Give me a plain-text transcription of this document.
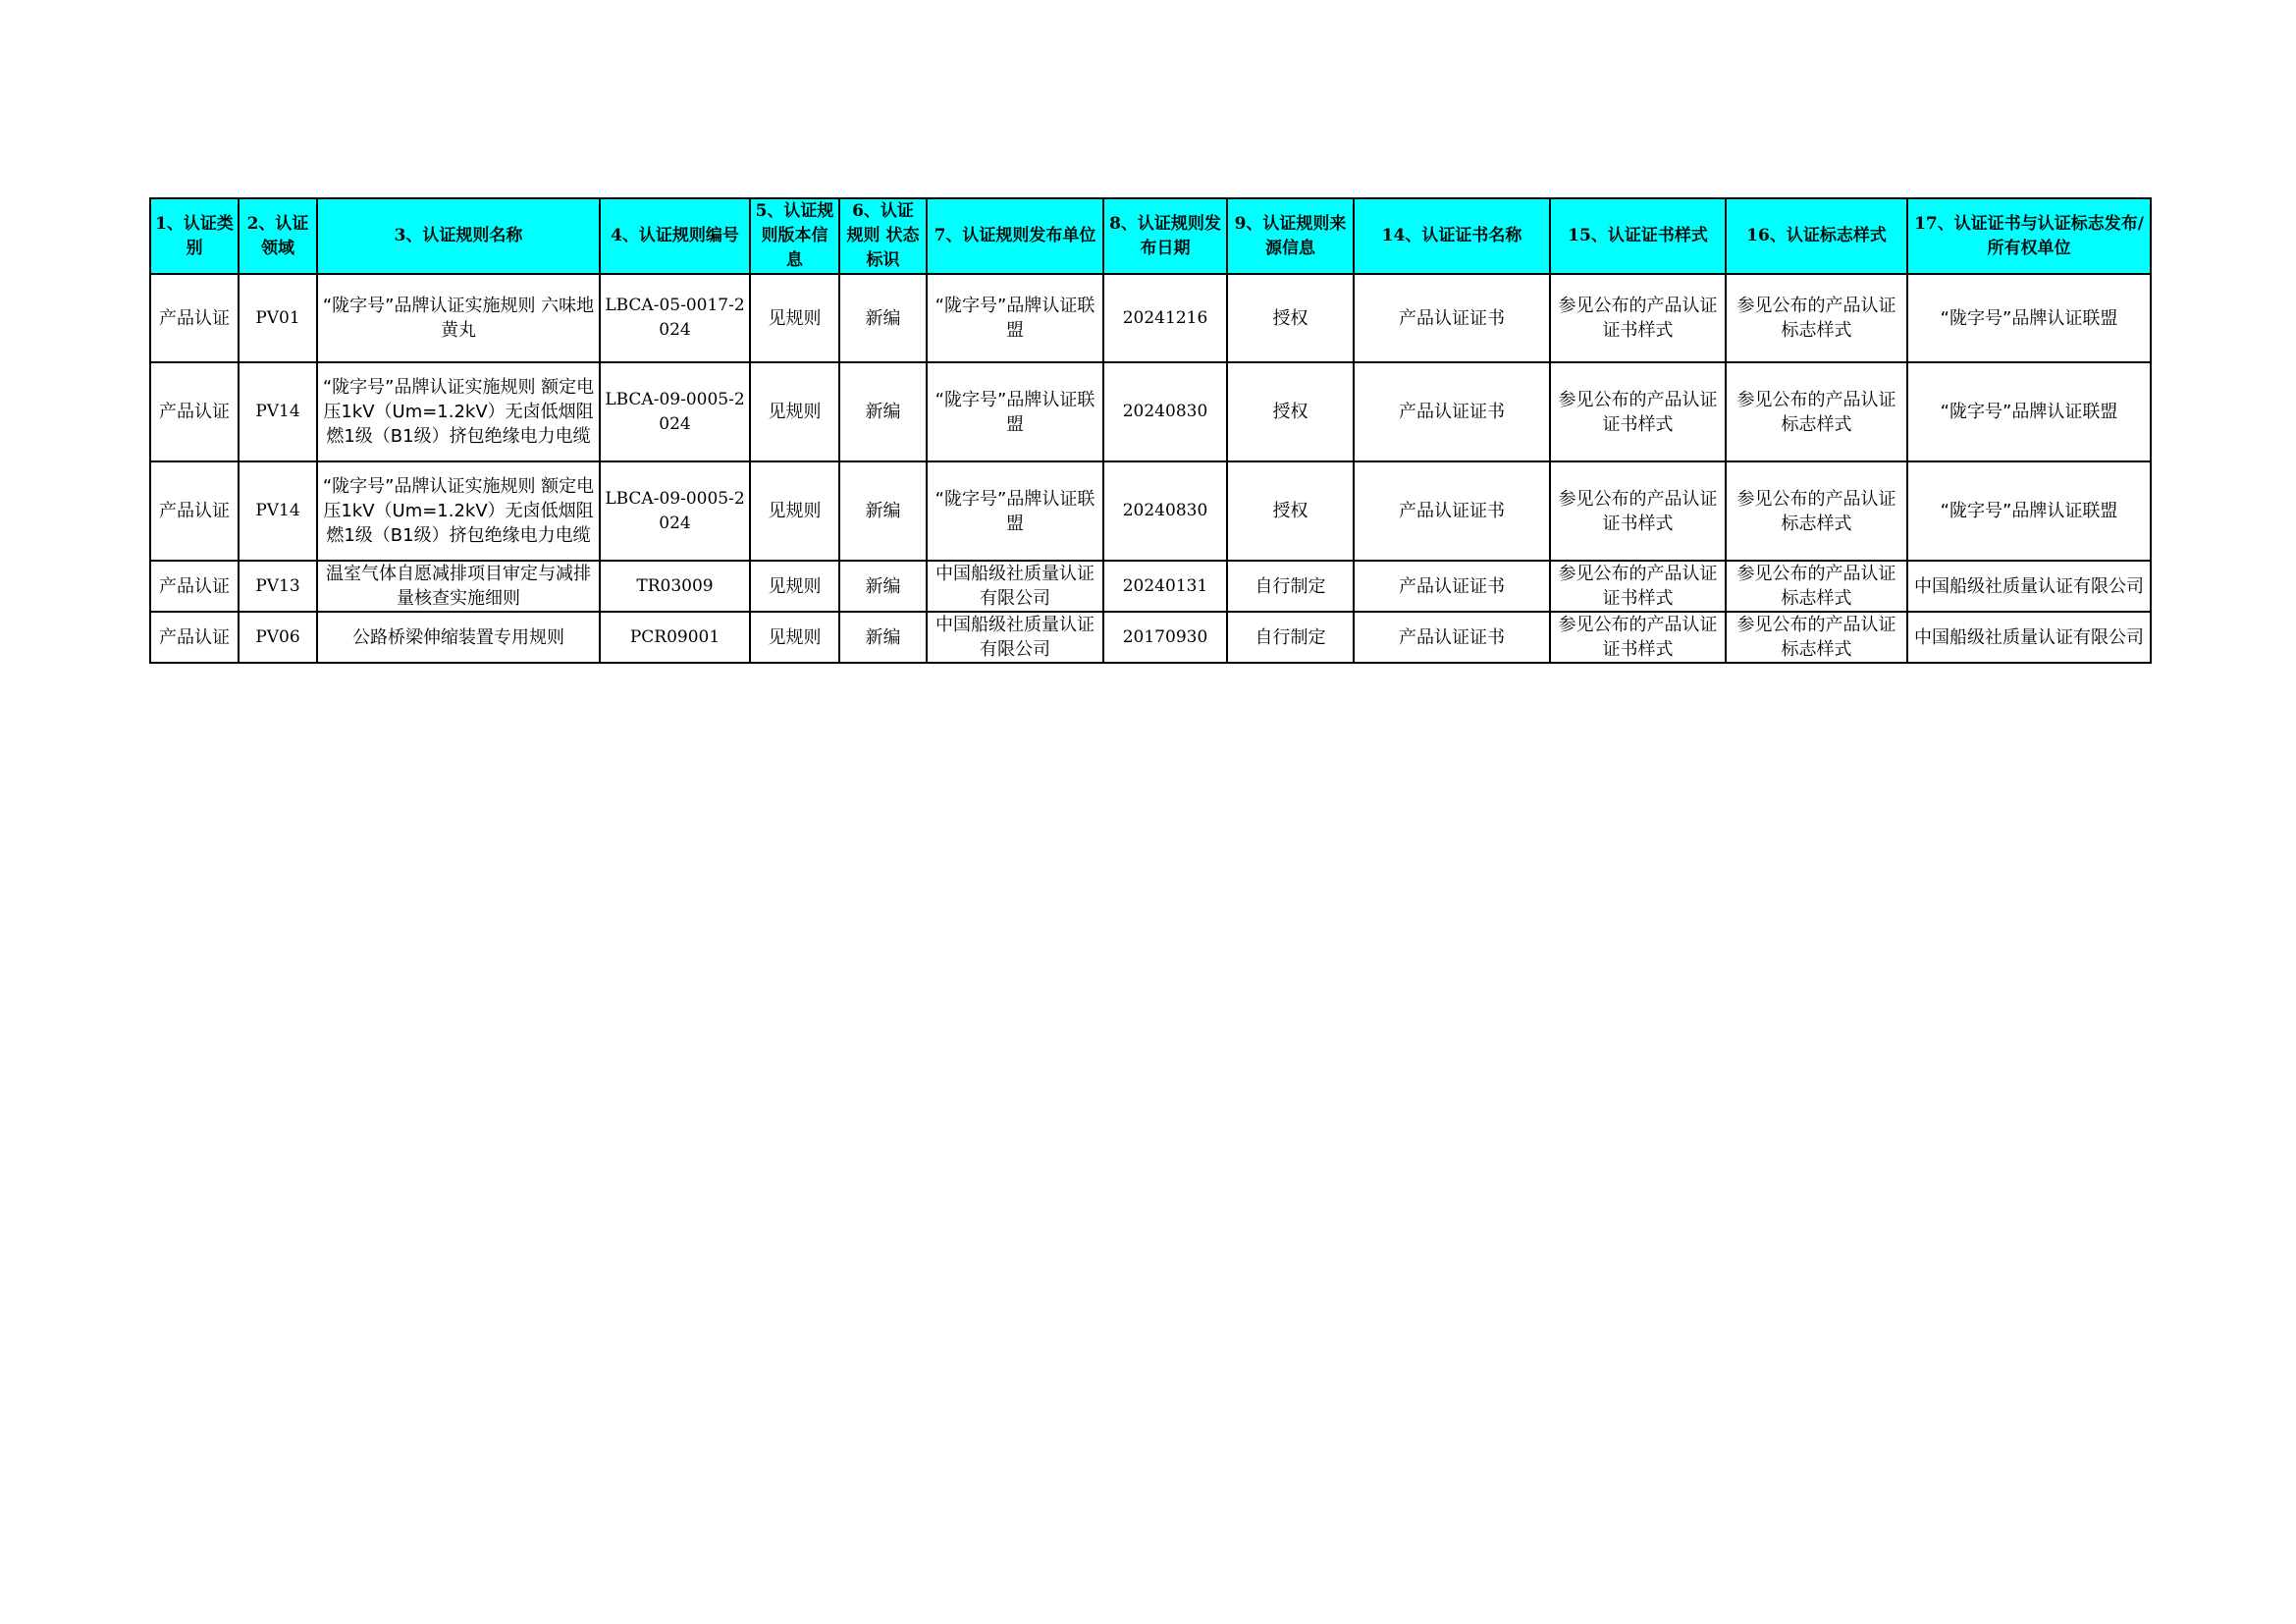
1、认证类别	2、认证领域	3、认证规则名称	4、认证规则编号	5、认证规则版本信息	6、认证规则 状态标识	7、认证规则发布单位	8、认证规则发布日期	9、认证规则来源信息	14、认证证书名称	15、认证证书样式	16、认证标志样式	17、认证证书与认证标志发布/所有权单位
产品认证	PV01	“陇字号”品牌认证实施规则 六味地黄丸	LBCA-05-0017-2024	见规则	新编	“陇字号”品牌认证联盟	20241216	授权	产品认证证书	参见公布的产品认证证书样式	参见公布的产品认证标志样式	“陇字号”品牌认证联盟
产品认证	PV14	“陇字号”品牌认证实施规则 额定电压1kV（Um=1.2kV）无卤低烟阻燃1级（B1级）挤包绝缘电力电缆	LBCA-09-0005-2024	见规则	新编	“陇字号”品牌认证联盟	20240830	授权	产品认证证书	参见公布的产品认证证书样式	参见公布的产品认证标志样式	“陇字号”品牌认证联盟
产品认证	PV14	“陇字号”品牌认证实施规则 额定电压1kV（Um=1.2kV）无卤低烟阻燃1级（B1级）挤包绝缘电力电缆	LBCA-09-0005-2024	见规则	新编	“陇字号”品牌认证联盟	20240830	授权	产品认证证书	参见公布的产品认证证书样式	参见公布的产品认证标志样式	“陇字号”品牌认证联盟
产品认证	PV13	温室气体自愿减排项目审定与减排量核查实施细则	TR03009	见规则	新编	中国船级社质量认证有限公司	20240131	自行制定	产品认证证书	参见公布的产品认证证书样式	参见公布的产品认证标志样式	中国船级社质量认证有限公司
产品认证	PV06	公路桥梁伸缩装置专用规则	PCR09001	见规则	新编	中国船级社质量认证有限公司	20170930	自行制定	产品认证证书	参见公布的产品认证证书样式	参见公布的产品认证标志样式	中国船级社质量认证有限公司
